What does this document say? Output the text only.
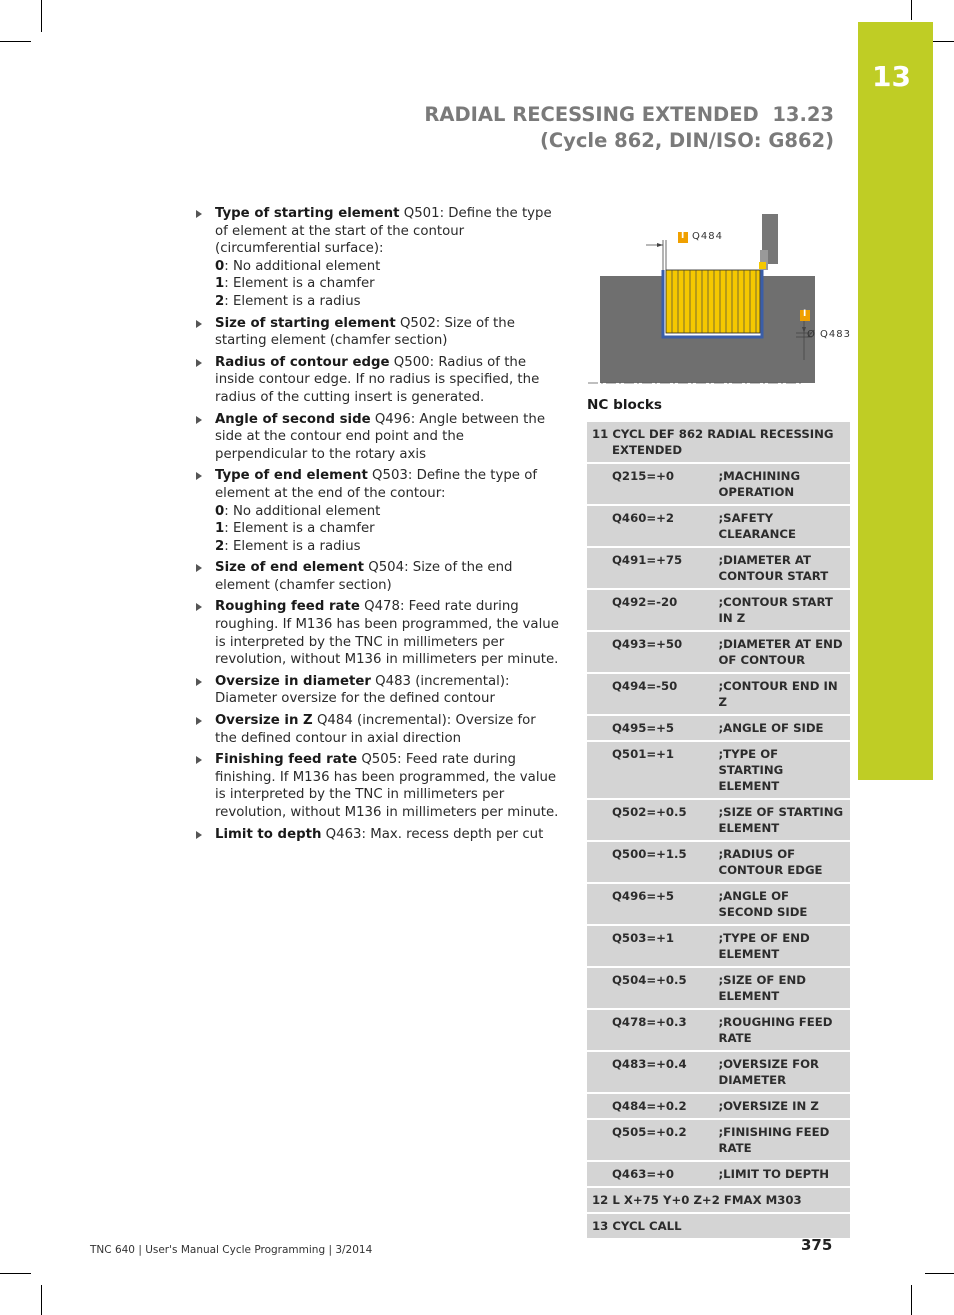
13
RADIAL RECESSING EXTENDED  13.23
(Cycle 862, DIN/ISO: G862)
Type of starting element Q501: Define the type of element at the start of the contour (circumferential surface):
0: No additional element
1: Element is a chamfer
2: Element is a radius
Size of starting element Q502: Size of the starting element (chamfer section)
Radius of contour edge Q500: Radius of the inside contour edge. If no radius is specified, the radius of the cutting insert is generated.
Angle of second side Q496: Angle between the side at the contour end point and the perpendicular to the rotary axis
Type of end element Q503: Define the type of element at the end of the contour:
0: No additional element
1: Element is a chamfer
2: Element is a radius
Size of end element Q504: Size of the end element (chamfer section)
Roughing feed rate Q478: Feed rate during roughing. If M136 has been programmed, the value is interpreted by the TNC in millimeters per revolution, without M136 in millimeters per minute.
Oversize in diameter Q483 (incremental): Diameter oversize for the defined contour
Oversize in Z Q484 (incremental): Oversize for the defined contour in axial direction
Finishing feed rate Q505: Feed rate during finishing. If M136 has been programmed, the value is interpreted by the TNC in millimeters per revolution, without M136 in millimeters per minute.
Limit to depth Q463: Max. recess depth per cut
I
I
Q484
Ø Q483
NC blocks
11 CYCL DEF 862 RADIAL RECESSING
EXTENDED	

Q215=+0	;MACHINING OPERATION
Q460=+2	;SAFETY CLEARANCE
Q491=+75	;DIAMETER AT CONTOUR START
Q492=-20	;CONTOUR START IN Z
Q493=+50	;DIAMETER AT END OF CONTOUR
Q494=-50	;CONTOUR END IN Z
Q495=+5	;ANGLE OF SIDE
Q501=+1	;TYPE OF STARTING ELEMENT
Q502=+0.5	;SIZE OF STARTING ELEMENT
Q500=+1.5	;RADIUS OF CONTOUR EDGE
Q496=+5	;ANGLE OF SECOND SIDE
Q503=+1	;TYPE OF END ELEMENT
Q504=+0.5	;SIZE OF END ELEMENT
Q478=+0.3	;ROUGHING FEED RATE
Q483=+0.4	;OVERSIZE FOR DIAMETER
Q484=+0.2	;OVERSIZE IN Z
Q505=+0.2	;FINISHING FEED RATE
Q463=+0	;LIMIT TO DEPTH
12 L X+75 Y+0 Z+2 FMAX M303	
13 CYCL CALL	
TNC 640 | User's Manual Cycle Programming | 3/2014	375
